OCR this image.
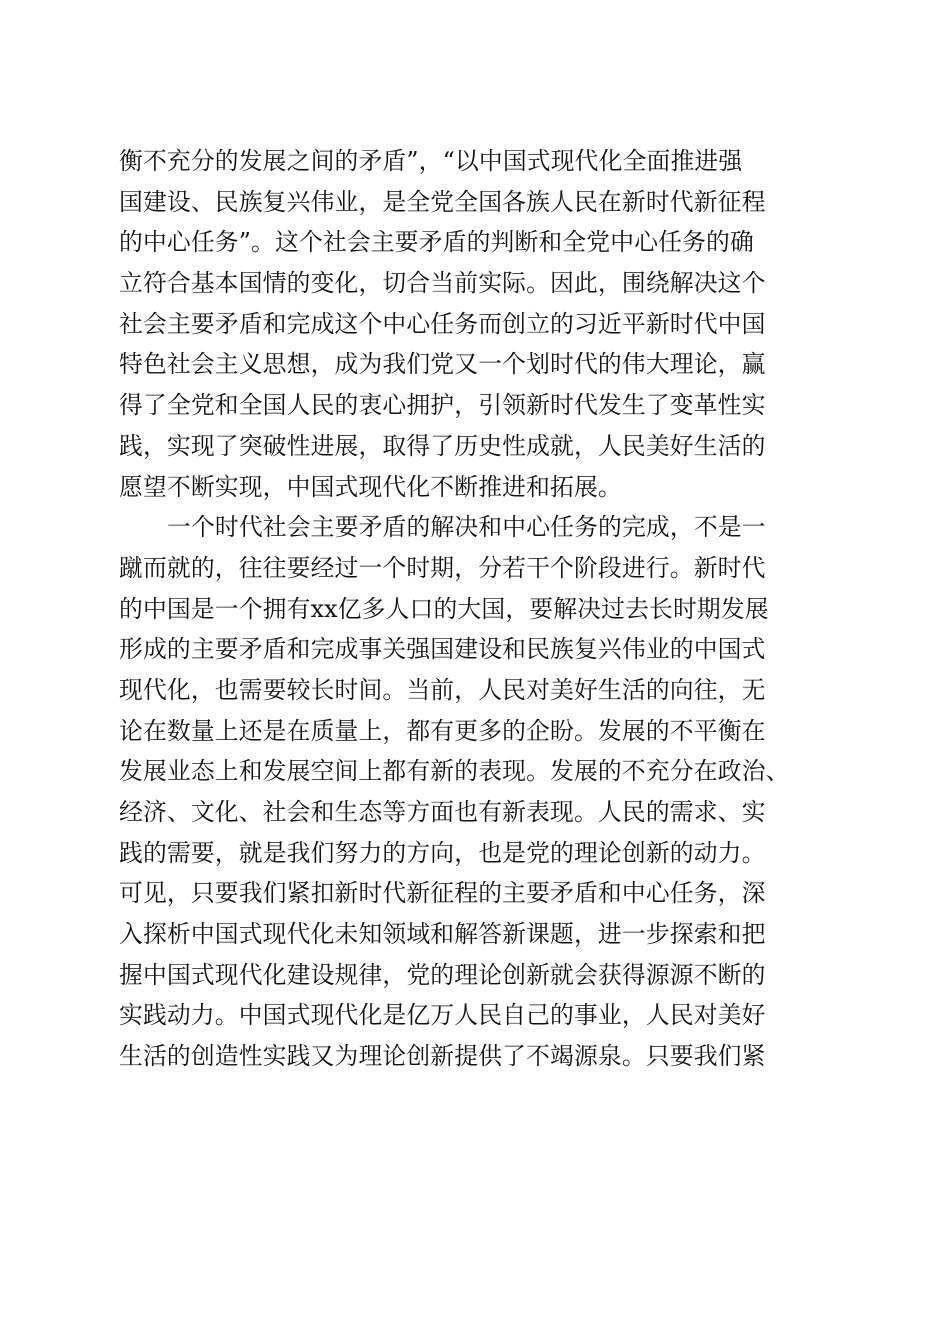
衡不充分的发展之间的矛盾”，“以中国式现代化全面推进强
国建设、民族复兴伟业，是全党全国各族人民在新时代新征程
的中心任务”。这个社会主要矛盾的判断和全党中心任务的确
立符合基本国情的变化，切合当前实际。因此，围绕解决这个
社会主要矛盾和完成这个中心任务而创立的习近平新时代中国
特色社会主义思想，成为我们党又一个划时代的伟大理论，赢
得了全党和全国人民的衷心拥护，引领新时代发生了变革性实
践，实现了突破性进展，取得了历史性成就，人民美好生活的
愿望不断实现，中国式现代化不断推进和拓展。
一个时代社会主要矛盾的解决和中心任务的完成，不是一
蹴而就的，往往要经过一个时期，分若干个阶段进行。新时代
的中国是一个拥有xx亿多人口的大国，要解决过去长时期发展
形成的主要矛盾和完成事关强国建设和民族复兴伟业的中国式
现代化，也需要较长时间。当前，人民对美好生活的向往，无
论在数量上还是在质量上，都有更多的企盼。发展的不平衡在
发展业态上和发展空间上都有新的表现。发展的不充分在政治、
经济、文化、社会和生态等方面也有新表现。人民的需求、实
践的需要，就是我们努力的方向，也是党的理论创新的动力。
可见，只要我们紧扣新时代新征程的主要矛盾和中心任务，深
入探析中国式现代化未知领域和解答新课题，进一步探索和把
握中国式现代化建设规律，党的理论创新就会获得源源不断的
实践动力。中国式现代化是亿万人民自己的事业，人民对美好
生活的创造性实践又为理论创新提供了不竭源泉。只要我们紧
